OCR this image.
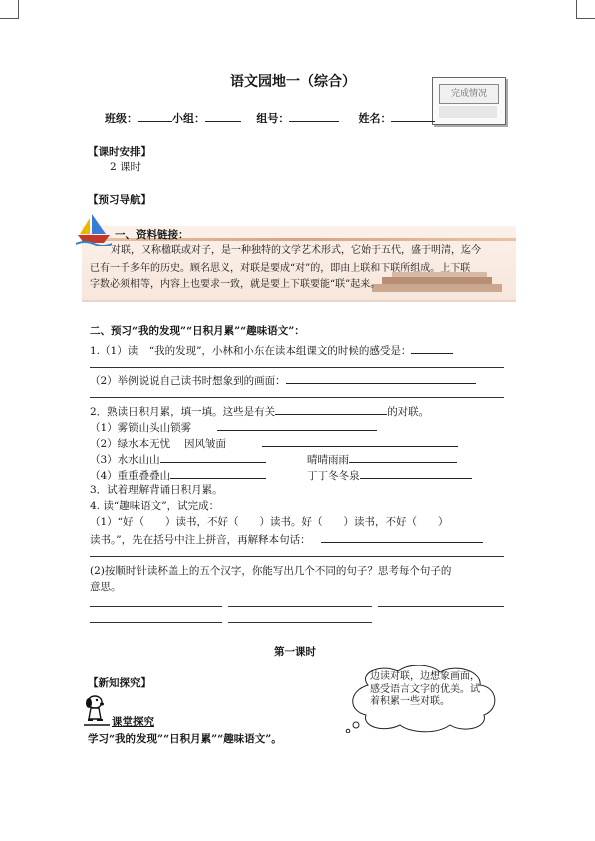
语文园地一（综合）
完成情况
班级：	小组：	组号：	姓名：
【课时安排】
2 课时
【预习导航】
一、资料链接：
对联，又称楹联或对子，是一种独特的文学艺术形式，它始于五代，盛于明清，迄今
已有一千多年的历史。顾名思义，对联是要成“对”的，即由上联和下联所组成。上下联
字数必须相等，内容上也要求一致，就是要上下联要能“联”起来。
二、预习“我的发现”“日积月累”“趣味语文”：
1.（1）读　“我的发现”，小林和小东在读本组课文的时候的感受是：
（2）举例说说自己读书时想象到的画面：
2．熟读日积月累，填一填。这些是有关	的对联。
（1）雾锁山头山锁雾
（2）绿水本无忧　 因风皱面
（3）水水山山	晴晴雨雨
（4）重重叠叠山	丁丁冬冬泉
3．试着理解背诵日积月累。
4. 读“趣味语文”，试完成：
（1）“好（　　）读书，不好（　　）读书。好（　　）读书，不好（　　）
读书。”，先在括号中注上拼音，再解释本句话：
(2)按顺时针读杯盖上的五个汉字，你能写出几个不同的句子？思考每个句子的
意思。
第一课时
【新知探究】
课堂探究
学习“我的发现”“日积月累”“趣味语文”。
边读对联，边想象画面，感受语言文字的优美。试着积累一些对联。
